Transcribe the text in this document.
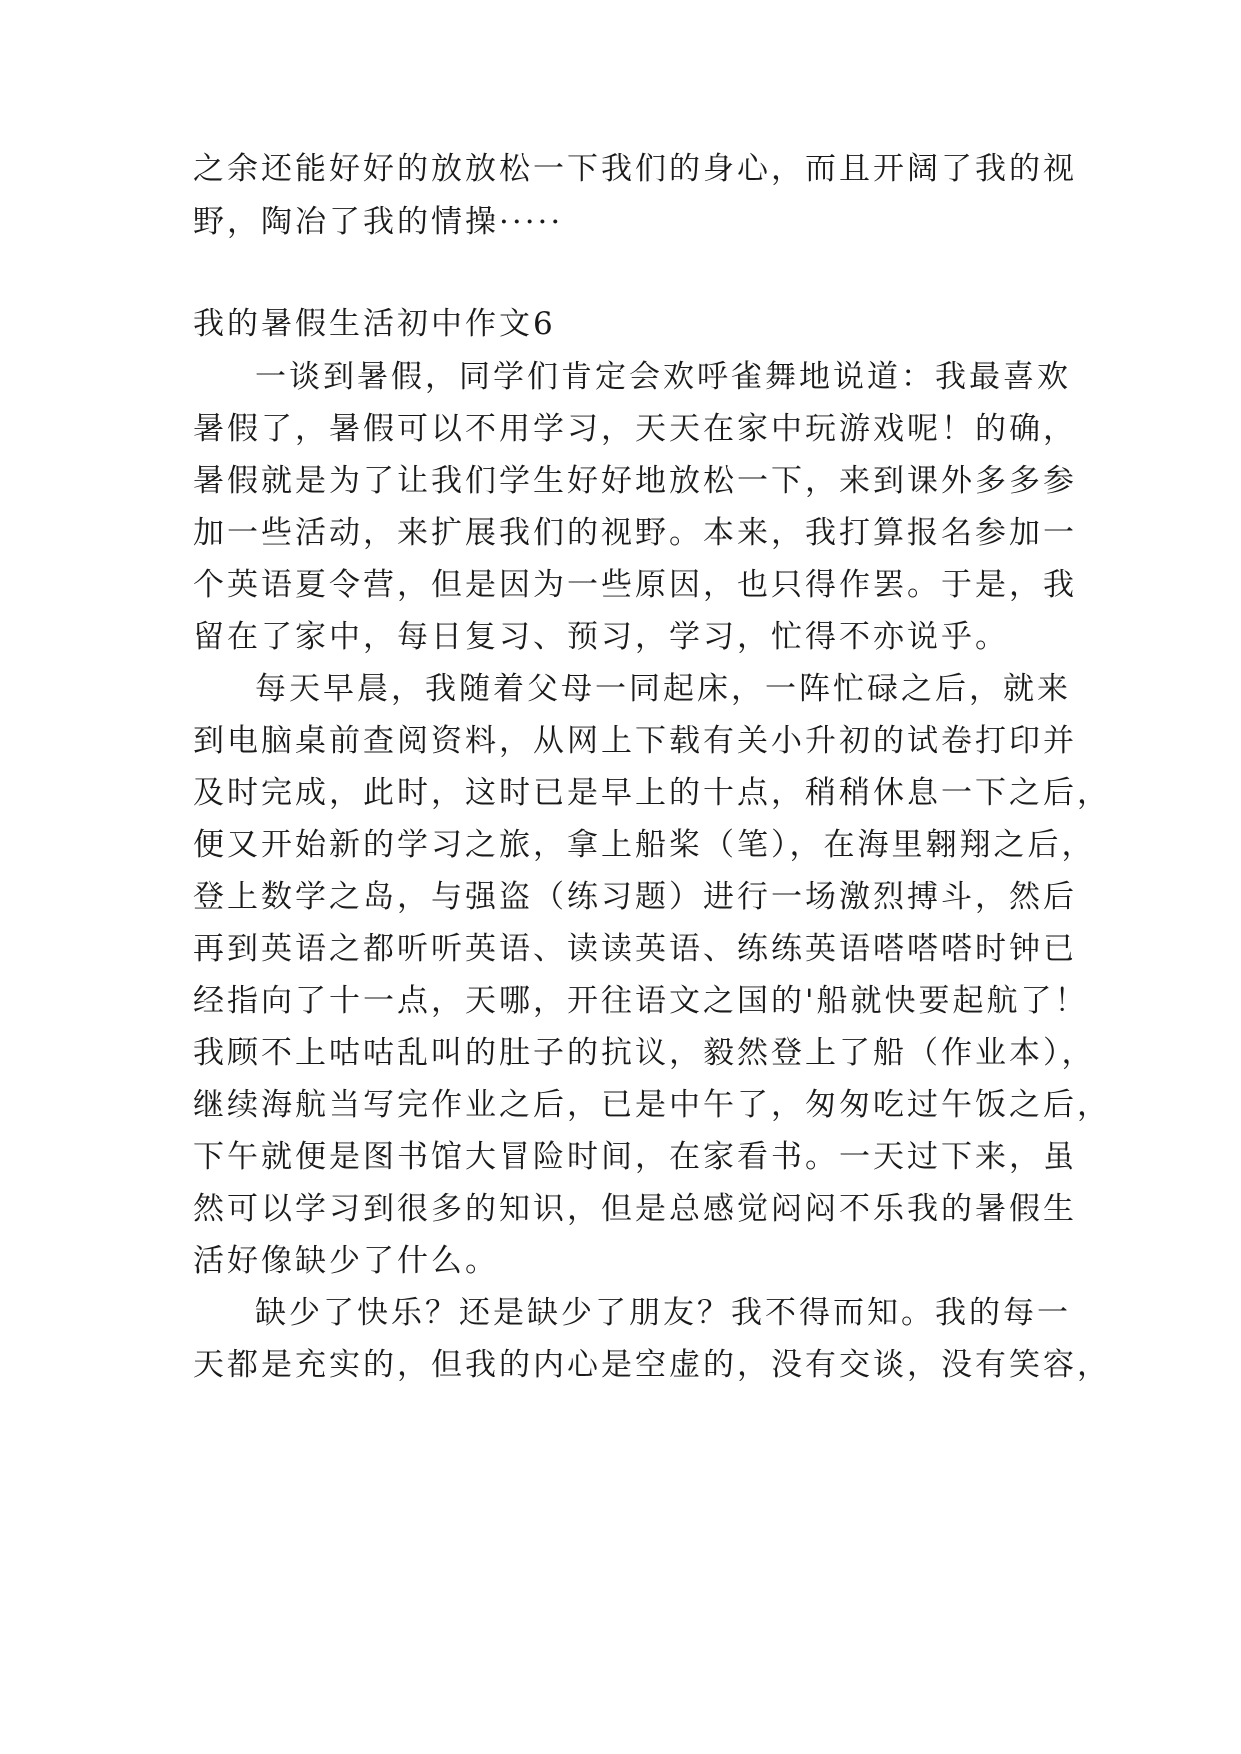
之余还能好好的放放松一下我们的身心，而且开阔了我的视
野，陶冶了我的情操·····
我的暑假生活初中作文6
一谈到暑假，同学们肯定会欢呼雀舞地说道：我最喜欢
暑假了，暑假可以不用学习，天天在家中玩游戏呢！的确，
暑假就是为了让我们学生好好地放松一下，来到课外多多参
加一些活动，来扩展我们的视野。本来，我打算报名参加一
个英语夏令营，但是因为一些原因，也只得作罢。于是，我
留在了家中，每日复习、预习，学习，忙得不亦说乎。
每天早晨，我随着父母一同起床，一阵忙碌之后，就来
到电脑桌前查阅资料，从网上下载有关小升初的试卷打印并
及时完成，此时，这时已是早上的十点，稍稍休息一下之后，
便又开始新的学习之旅，拿上船桨（笔），在海里翱翔之后，
登上数学之岛，与强盗（练习题）进行一场激烈搏斗，然后
再到英语之都听听英语、读读英语、练练英语嗒嗒嗒时钟已
经指向了十一点，天哪，开往语文之国的'船就快要起航了！
我顾不上咕咕乱叫的肚子的抗议，毅然登上了船（作业本），
继续海航当写完作业之后，已是中午了，匆匆吃过午饭之后，
下午就便是图书馆大冒险时间，在家看书。一天过下来，虽
然可以学习到很多的知识，但是总感觉闷闷不乐我的暑假生
活好像缺少了什么。
缺少了快乐？还是缺少了朋友？我不得而知。我的每一
天都是充实的，但我的内心是空虚的，没有交谈，没有笑容，
